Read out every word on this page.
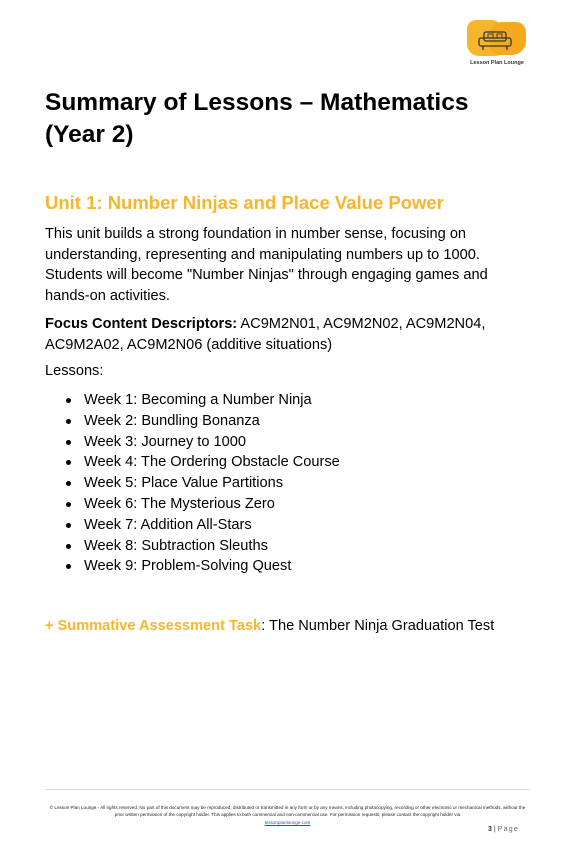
Lesson Plan Lounge
Summary of Lessons – Mathematics (Year 2)
Unit 1: Number Ninjas and Place Value Power

This unit builds a strong foundation in number sense, focusing on understanding, representing and manipulating numbers up to 1000. Students will become "Number Ninjas" through engaging games and hands-on activities.

Focus Content Descriptors: AC9M2N01, AC9M2N02, AC9M2N04, AC9M2A02, AC9M2N06 (additive situations)

Lessons:

Week 1: Becoming a Number Ninja
Week 2: Bundling Bonanza
Week 3: Journey to 1000
Week 4: The Ordering Obstacle Course
Week 5: Place Value Partitions
Week 6: The Mysterious Zero
Week 7: Addition All-Stars
Week 8: Subtraction Sleuths
Week 9: Problem-Solving Quest
+ Summative Assessment Task: The Number Ninja Graduation Test
© Lesson Plan Lounge - All rights reserved. No part of this document may be reproduced, distributed or transmitted in any form or by any means, including photocopying, recording or other electronic or mechanical methods, without the prior written permission of the copyright holder. This applies to both commercial and non-commercial use. For permission requests, please contact the copyright holder via
lessonplanlounge.com
3 | Page
